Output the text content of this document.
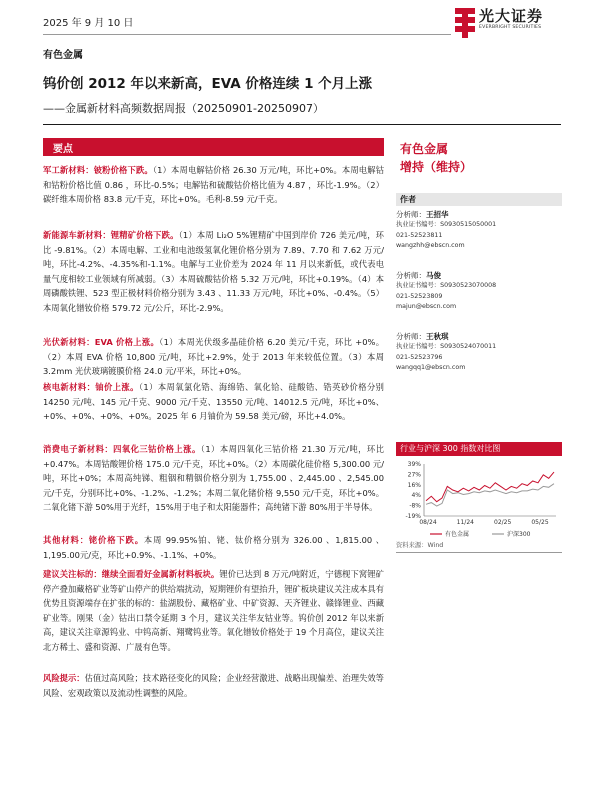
2025 年 9 月 10 日	光大证券
EVERBRIGHT SECURITIES
有色金属
钨价创 2012 年以来新高，EVA 价格连续 1 个月上涨
——金属新材料高频数据周报（20250901-20250907）
要点
军工新材料：铍粉价格下跌。（1）本周电解钴价格 26.30 万元/吨，环比+0%。本周电解钴和钴粉价格比值 0.86 ，环比-0.5%；电解钴和硫酸钴价格比值为 4.87 ，环比-1.9%。（2）碳纤维本周价格 83.8 元/千克，环比+0%。毛利-8.59 元/千克。
新能源车新材料：锂精矿价格下跌。（1）本周 Li₂O 5%锂精矿中国到岸价 726 美元/吨，环比 -9.81%。（2）本周电解、工业和电池级氢氧化锂价格分别为 7.89、7.70 和 7.62 万元/吨，环比-4.2%、-4.35%和-1.1%。电解与工业价差为 2024 年 11 月以来新低，或代表电量气度相较工业领域有所减弱。（3）本周硫酸钴价格 5.32 万元/吨，环比+0.19%。（4）本周磷酸铁锂、523 型正极材料价格分别为 3.43 、11.33 万元/吨，环比+0%、-0.4%。（5）本周氧化镨钕价格 579.72 元/公斤，环比-2.9%。
光伏新材料：EVA 价格上涨。（1）本周光伏级多晶硅价格 6.20 美元/千克，环比 +0%。（2）本周 EVA 价格 10,800 元/吨，环比+2.9%，处于 2013 年来较低位置。（3）本周 3.2mm 光伏玻璃镀膜价格 24.0 元/平米，环比+0%。
核电新材料：铀价上涨。（1）本周氧氯化锆、海绵锆、氧化铪、硅酸锆、锆英砂价格分别 14250 元/吨、145 元/千克、9000 元/千克、13550 元/吨、14012.5 元/吨，环比+0%、+0%、+0%、+0%、+0%。2025 年 6 月铀价为 59.58 美元/磅，环比+4.0%。
消费电子新材料：四氧化三钴价格上涨。（1）本周四氧化三钴价格 21.30 万元/吨，环比+0.47%。本周钴酸锂价格 175.0 元/千克，环比+0%。（2）本周碳化硅价格 5,300.00 元/吨，环比+0%；本周高纯锑、粗铟和精铟价格分别为 1,755.00 、2,445.00 、2,545.00 元/千克，分别环比+0%、-1.2%、-1.2%；本周二氧化锗价格 9,550 元/千克，环比+0%。二氧化锗下游 50%用于光纤，15%用于电子和太阳能器件；高纯锗下游 80%用于半导体。
其他材料：铑价格下跌。本周 99.95%铂、铑、钛价格分别为 326.00 、1,815.00 、1,195.00元/克，环比+0.9%、-1.1%、+0%。
建议关注标的：继续全面看好金属新材料板块。锂价已达到 8 万元/吨附近，宁德枧下窝锂矿停产叠加藏格矿业等矿山停产的供给端扰动，短期锂价有望抬升，锂矿板块建议关注成本具有优势且资源端存在扩张的标的：盐湖股份、藏格矿业、中矿资源、天齐锂业、赣锋锂业、西藏矿业等。刚果（金）钴出口禁令延期 3 个月，建议关注华友钴业等。钨价创 2012 年以来新高，建议关注章源钨业、中钨高新、翔鹭钨业等。氧化镨钕价格处于 19 个月高位，建议关注北方稀土、盛和资源、广晟有色等。
风险提示：估值过高风险；技术路径变化的风险；企业经营激进、战略出现偏差、治理失效等风险、宏观政策以及流动性调整的风险。
有色金属
增持（维持）
作者
分析师：王招华
执业证书编号：S0930515050001
021-52523811
wangzhh@ebscn.com
分析师：马俊
执业证书编号：S0930523070008
021-52523809
majun@ebscn.com
分析师：王秋琪
执业证书编号：S0930524070011
021-52523796
wangqq1@ebscn.com
行业与沪深 300 指数对比图
39%
27%
16%
4%
-8%
-19%
08/24	11/24	02/25	05/25
有色金属	沪深300
资料来源：Wind
